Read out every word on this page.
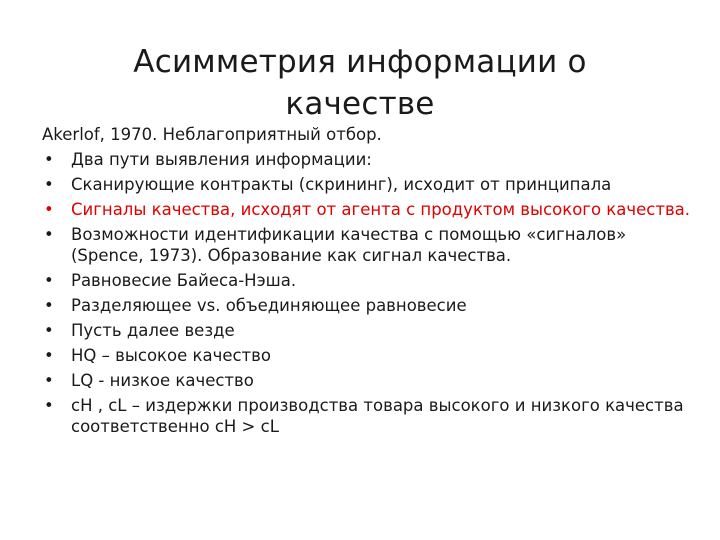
Асимметрия информации о
качестве
Akerlof, 1970. Неблагоприятный отбор.
• Два пути выявления информации:
• Сканирующие контракты (скрининг), исходит от принципала
• Сигналы качества, исходят от агента с продуктом высокого качества.
• Возможности идентификации качества с помощью «сигналов» (Spence, 1973). Образование как сигнал качества.
• Равновесие Байеса-Нэша.
• Разделяющее vs. объединяющее равновесие
• Пусть далее везде
• HQ – высокое качество
• LQ - низкое качество
• cH , cL – издержки производства товара высокого и низкого качества соответственно cH > cL
